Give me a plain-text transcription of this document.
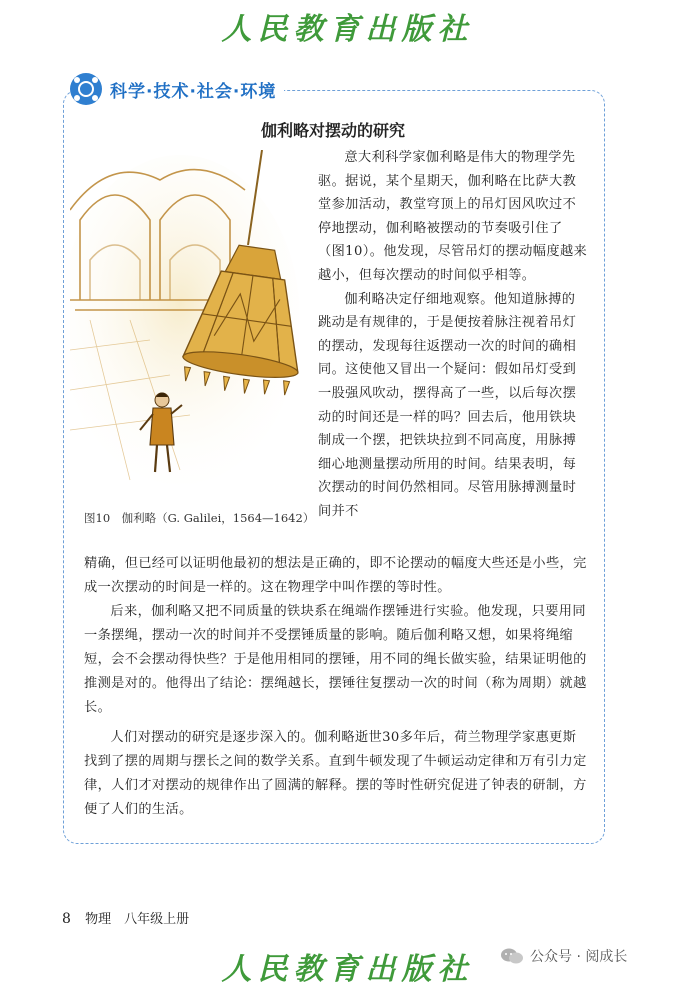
人民教育出版社
科学·技术·社会·环境
伽利略对摆动的研究
图10　伽利略（G. Galilei，1564—1642）

意大利科学家伽利略是伟大的物理学先驱。据说，某个星期天，伽利略在比萨大教堂参加活动，教堂穹顶上的吊灯因风吹过不停地摆动，伽利略被摆动的节奏吸引住了（图10）。他发现，尽管吊灯的摆动幅度越来越小，但每次摆动的时间似乎相等。

伽利略决定仔细地观察。他知道脉搏的跳动是有规律的，于是便按着脉注视着吊灯的摆动，发现每往返摆动一次的时间的确相同。这使他又冒出一个疑问：假如吊灯受到一股强风吹动，摆得高了一些，以后每次摆动的时间还是一样的吗？回去后，他用铁块制成一个摆，把铁块拉到不同高度，用脉搏细心地测量摆动所用的时间。结果表明，每次摆动的时间仍然相同。尽管用脉搏测量时间并不

精确，但已经可以证明他最初的想法是正确的，即不论摆动的幅度大些还是小些，完成一次摆动的时间是一样的。这在物理学中叫作摆的等时性。

后来，伽利略又把不同质量的铁块系在绳端作摆锤进行实验。他发现，只要用同一条摆绳，摆动一次的时间并不受摆锤质量的影响。随后伽利略又想，如果将绳缩短，会不会摆动得快些？于是他用相同的摆锤，用不同的绳长做实验，结果证明他的推测是对的。他得出了结论：摆绳越长，摆锤往复摆动一次的时间（称为周期）就越长。

人们对摆动的研究是逐步深入的。伽利略逝世30多年后，荷兰物理学家惠更斯找到了摆的周期与摆长之间的数学关系。直到牛顿发现了牛顿运动定律和万有引力定律，人们才对摆动的规律作出了圆满的解释。摆的等时性研究促进了钟表的研制，方便了人们的生活。

8 物理　八年级上册
人民教育出版社	公众号 · 阅成长
